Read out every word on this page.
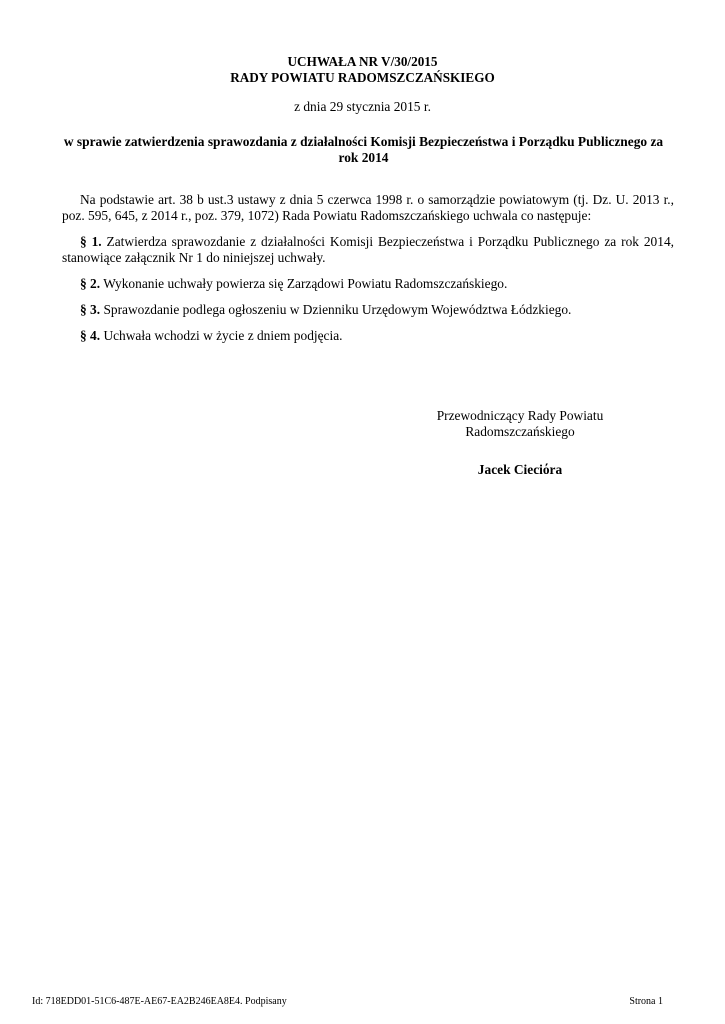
UCHWAŁA NR V/30/2015
RADY POWIATU RADOMSZCZAŃSKIEGO
z dnia 29 stycznia 2015 r.
w sprawie zatwierdzenia sprawozdania z działalności Komisji Bezpieczeństwa i Porządku Publicznego za rok 2014

Na podstawie art. 38 b ust.3 ustawy z dnia 5 czerwca 1998 r. o samorządzie powiatowym (tj. Dz. U. 2013 r., poz. 595, 645, z 2014 r., poz. 379, 1072) Rada Powiatu Radomszczańskiego uchwala co następuje:

§ 1. Zatwierdza sprawozdanie z działalności Komisji Bezpieczeństwa i Porządku Publicznego za rok 2014, stanowiące załącznik Nr 1 do niniejszej uchwały.

§ 2. Wykonanie uchwały powierza się Zarządowi Powiatu Radomszczańskiego.

§ 3. Sprawozdanie podlega ogłoszeniu w Dzienniku Urzędowym Województwa Łódzkiego.

§ 4. Uchwała wchodzi w życie z dniem podjęcia.

Przewodniczący Rady Powiatu
Radomszczańskiego
Jacek Cieciόra
Id: 718EDD01-51C6-487E-AE67-EA2B246EA8E4. Podpisany	Strona 1
